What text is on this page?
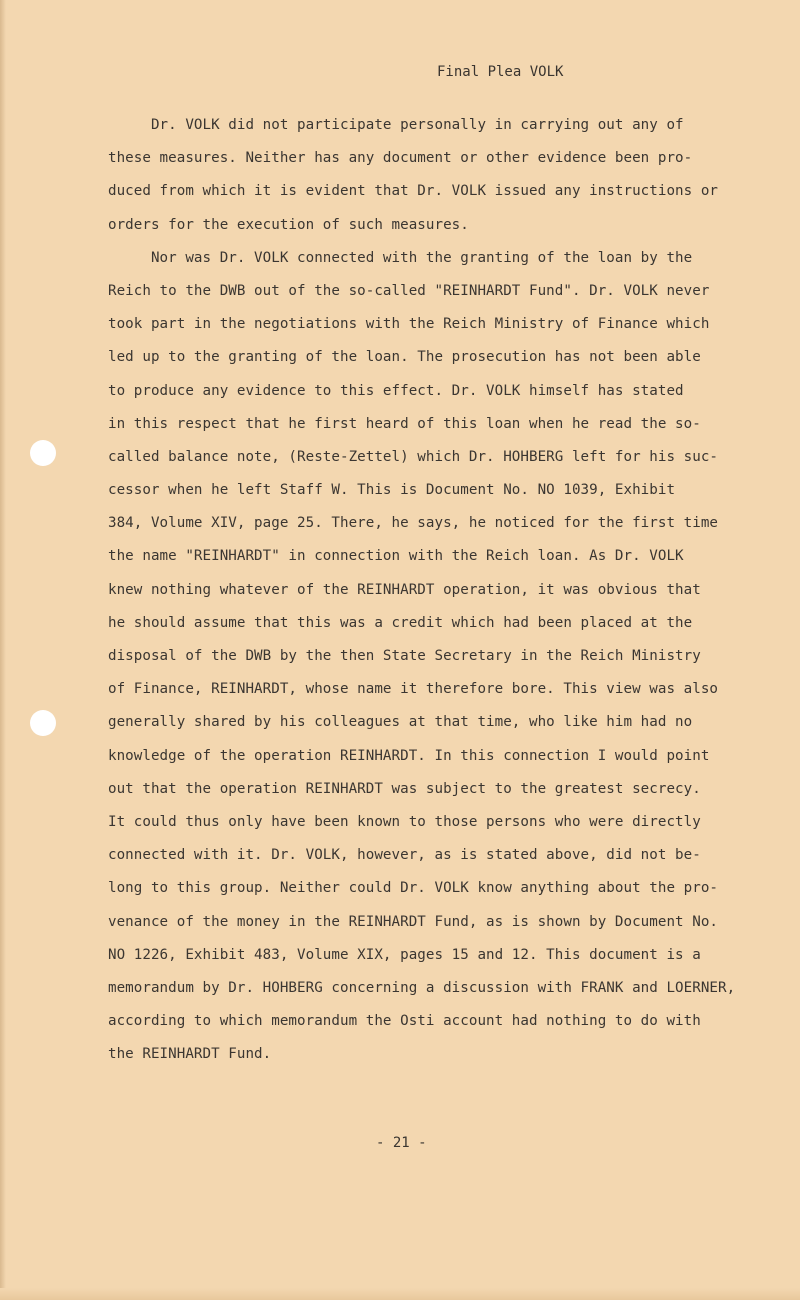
Final Plea VOLK
Dr. VOLK did not participate personally in carrying out any of
these measures. Neither has any document or other evidence been pro-
duced from which it is evident that Dr. VOLK issued any instructions or
orders for the execution of such measures.
Nor was Dr. VOLK connected with the granting of the loan by the
Reich to the DWB out of the so-called "REINHARDT Fund". Dr. VOLK never
took part in the negotiations with the Reich Ministry of Finance which
led up to the granting of the loan. The prosecution has not been able
to produce any evidence to this effect. Dr. VOLK himself has stated
in this respect that he first heard of this loan when he read the so-
called balance note, (Reste-Zettel) which Dr. HOHBERG left for his suc-
cessor when he left Staff W. This is Document No. NO 1039, Exhibit
384, Volume XIV, page 25. There, he says, he noticed for the first time
the name "REINHARDT" in connection with the Reich loan. As Dr. VOLK
knew nothing whatever of the REINHARDT operation, it was obvious that
he should assume that this was a credit which had been placed at the
disposal of the DWB by the then State Secretary in the Reich Ministry
of Finance, REINHARDT, whose name it therefore bore. This view was also
generally shared by his colleagues at that time, who like him had no
knowledge of the operation REINHARDT. In this connection I would point
out that the operation REINHARDT was subject to the greatest secrecy.
It could thus only have been known to those persons who were directly
connected with it. Dr. VOLK, however, as is stated above, did not be-
long to this group. Neither could Dr. VOLK know anything about the pro-
venance of the money in the REINHARDT Fund, as is shown by Document No.
NO 1226, Exhibit 483, Volume XIX, pages 15 and 12. This document is a
memorandum by Dr. HOHBERG concerning a discussion with FRANK and LOERNER,
according to which memorandum the Osti account had nothing to do with
the REINHARDT Fund.
- 21 -
